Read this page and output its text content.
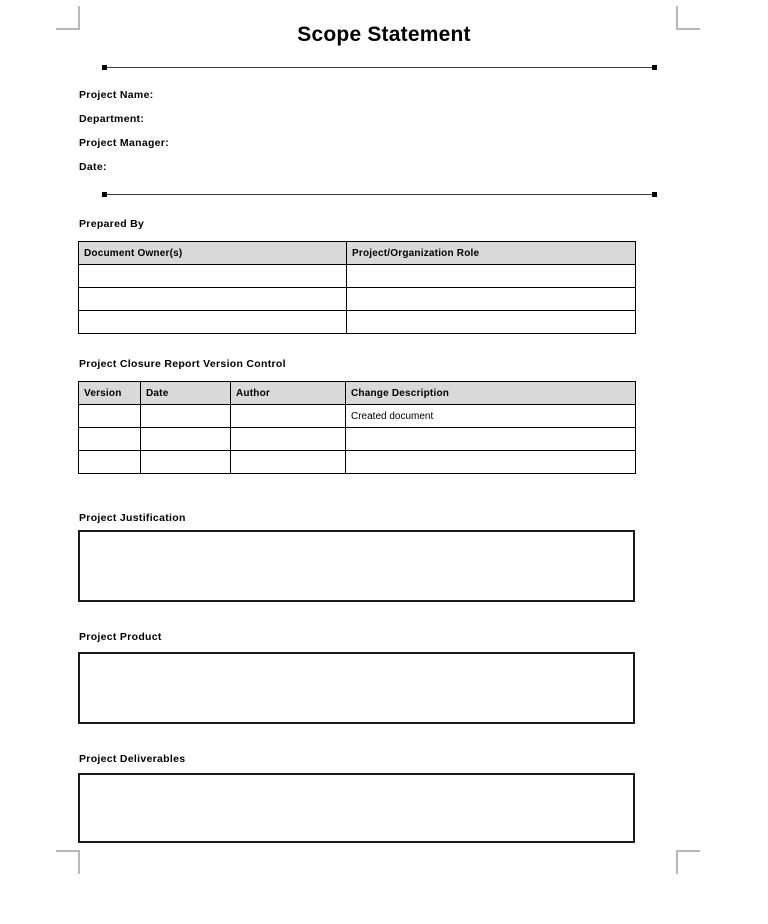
Scope Statement
Project Name:
Department:
Project Manager:
Date:
Prepared By
Document Owner(s)	Project/Organization Role

Project Closure Report Version Control
Version	Date	Author	Change Description
			Created document

Project Justification
Project Product
Project Deliverables
